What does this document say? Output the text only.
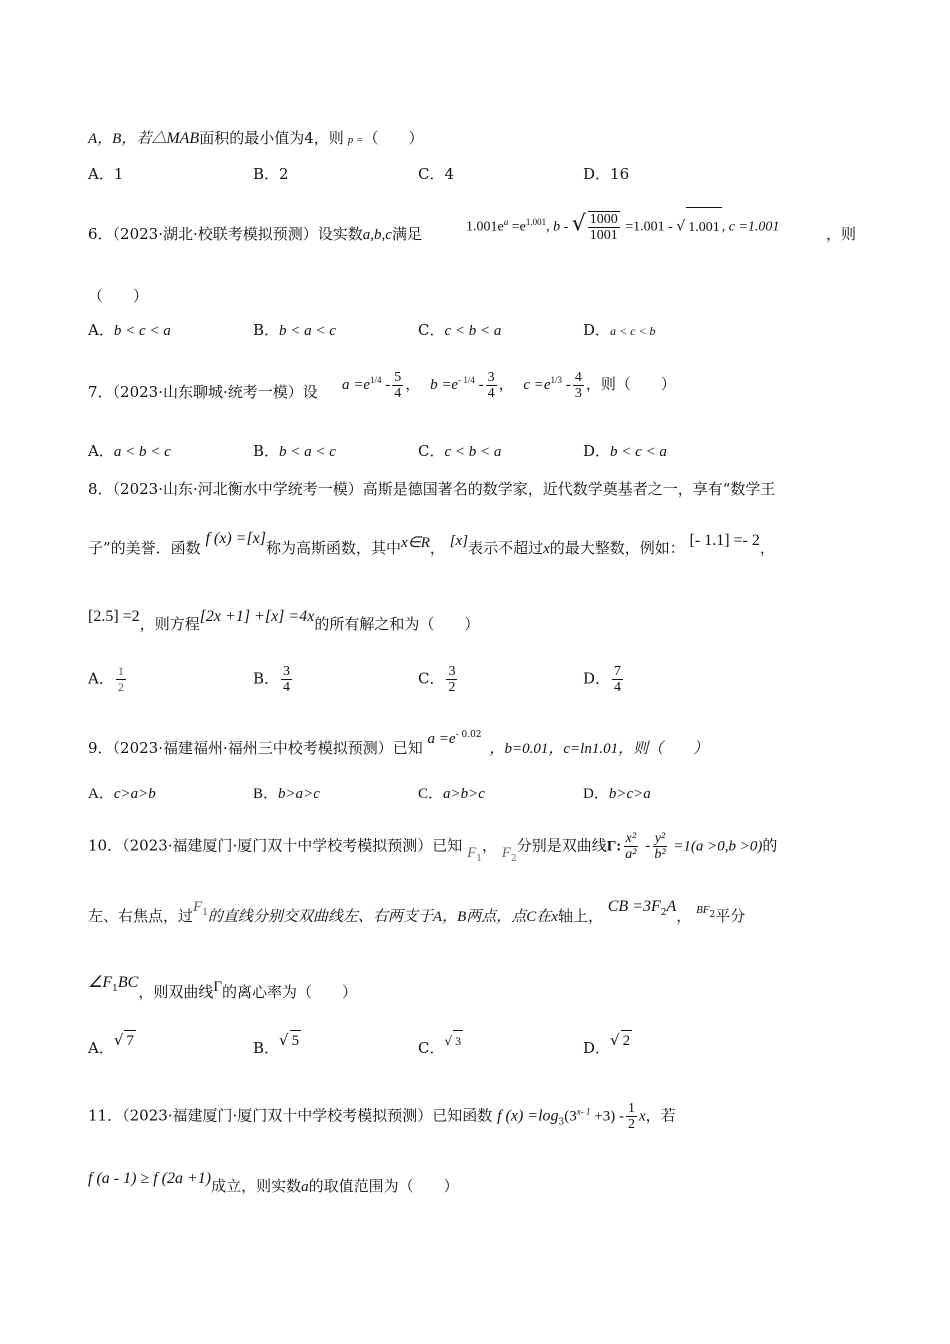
A，B，若△MAB面积的最小值为4，则 p =（　　）
A．1	B．2	C．4	D．16
6．（2023·湖北·校联考模拟预测）设实数a,b,c满足	$1.001e^a =e^{1.001}$, b - √ $\frac{1000}{1001} =1.001$ - √ 1.001 , c =1.001	，则
（　　）
A．b < c < a	B．b < a < c	C．c < b < a	D．a < c < b
7．（2023·山东聊城·统考一模）设 $a =e^{1/4} - \frac{5}{4}$ ， $b =e^{- 1/4} - \frac{3}{4}$ ， $c =e^{1/3} - \frac{4}{3}$ ，则（　　）
A．a < b < c	B．b < a < c	C．c < b < a	D．b < c < a
8．（2023·山东·河北衡水中学统考一模）高斯是德国著名的数学家，近代数学奠基者之一，享有“数学王
子”的美誉．函数 f (x) =[x]称为高斯函数，其中x∈R， [x]表示不超过x的最大整数，例如： [- 1.1] =- 2，
[2.5] =2，则方程[2x +1] +[x] =4x的所有解之和为（　　）
A． $\frac{1}{2}$	B． $\frac{3}{4}$	C． $\frac{3}{2}$	D． $\frac{7}{4}$
9．（2023·福建福州·福州三中校考模拟预测）已知 $a =e^{- 0.02}$，b=0.01，c=ln1.01，则（　　）
A．c>a>b	B．b>a>c	C．a>b>c	D．b>c>a
10．（2023·福建厦门·厦门双十中学校考模拟预测）已知 $F_1$， $F_2$分别是双曲线Γ: $\frac{\text{x²}}{\text{a²}} - \frac{\text{y²}}{\text{b²}} =1(a >0,b >0)$的
左、右焦点，过$F_1$的直线分别交双曲线左、右两支于A，B两点，点C在x轴上， CB $=3F_2A$， $^{BF}_2$平分
$\angle F_1BC$，则双曲线Γ的离心率为（　　）
A．√ 7	B．√ 5	C．$^{√ 3}$	D．√ 2
11．（2023·福建厦门·厦门双十中学校考模拟预测）已知函数 f $(x) =\log_3(3^{x- 1} +3) - \frac{1}{2}$ x，若
f (a - 1) ≥ f (2a +1)成立，则实数a的取值范围为（　　）
